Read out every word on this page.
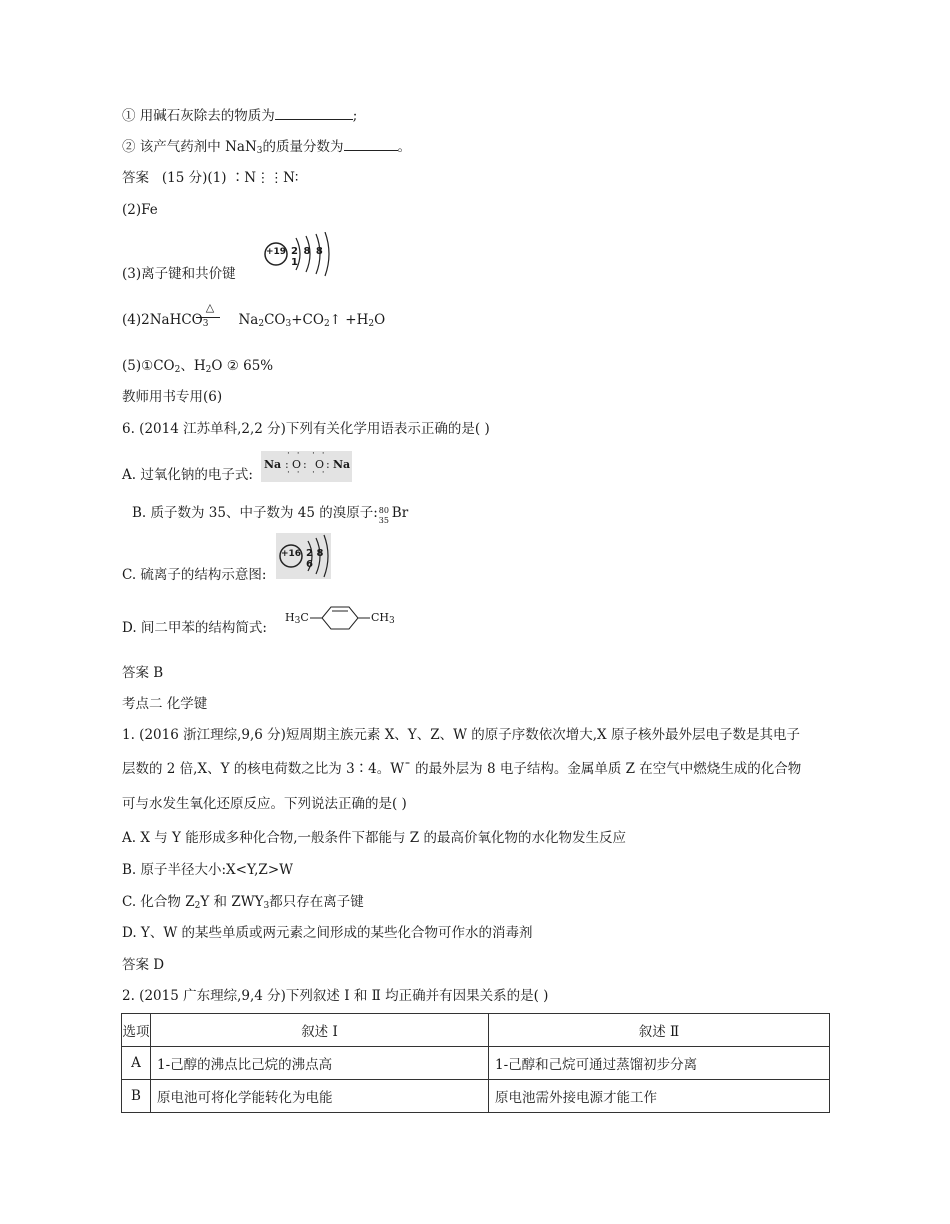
① 用碱石灰除去的物质为	;
② 该产气药剂中 NaN$_3$的质量分数为	。
答案 (15 分)(1) ∶N⋮⋮N∶
(2)Fe
+19 2 8 8 1
(3)离子键和共价键
△
(4)2NaHCO$_3$ $Na_2CO_3+CO_2↑ +H_2O$
$(5)①CO_2$、$H_2O$ ② 65%
教师用书专用(6)
6. (2014 江苏单科,2,2 分)下列有关化学用语表示正确的是( )
A. 过氧化钠的电子式:
Na
· ·
: O :
· ·
· ·
O :
· ·
Na
B. 质子数为 35、中子数为 45 的溴原子: 80
35 Br
+16 2 8 6
C. 硫离子的结构示意图:
D. 间二甲苯的结构简式:
$H_3C$	$CH_3$
答案 B
考点二 化学键
1. (2016 浙江理综,9,6 分)短周期主族元素 X、Y、Z、W 的原子序数依次增大,X 原子核外最外层电子数是其电子
层数的 2 倍,X、Y 的核电荷数之比为 3∶4。W¯ 的最外层为 8 电子结构。金属单质 Z 在空气中燃烧生成的化合物
可与水发生氧化还原反应。下列说法正确的是( )
A. X 与 Y 能形成多种化合物,一般条件下都能与 Z 的最高价氧化物的水化物发生反应
B. 原子半径大小:X<Y,Z>W
C. 化合物 $Z_2Y$ 和 $ZWY_3$都只存在离子键
D. Y、W 的某些单质或两元素之间形成的某些化合物可作水的消毒剂
答案 D
2. (2015 广东理综,9,4 分)下列叙述 Ⅰ 和 Ⅱ 均正确并有因果关系的是( )
选项	叙述 Ⅰ	叙述 Ⅱ
A	1-己醇的沸点比己烷的沸点高	1-己醇和己烷可通过蒸馏初步分离
B	原电池可将化学能转化为电能	原电池需外接电源才能工作
